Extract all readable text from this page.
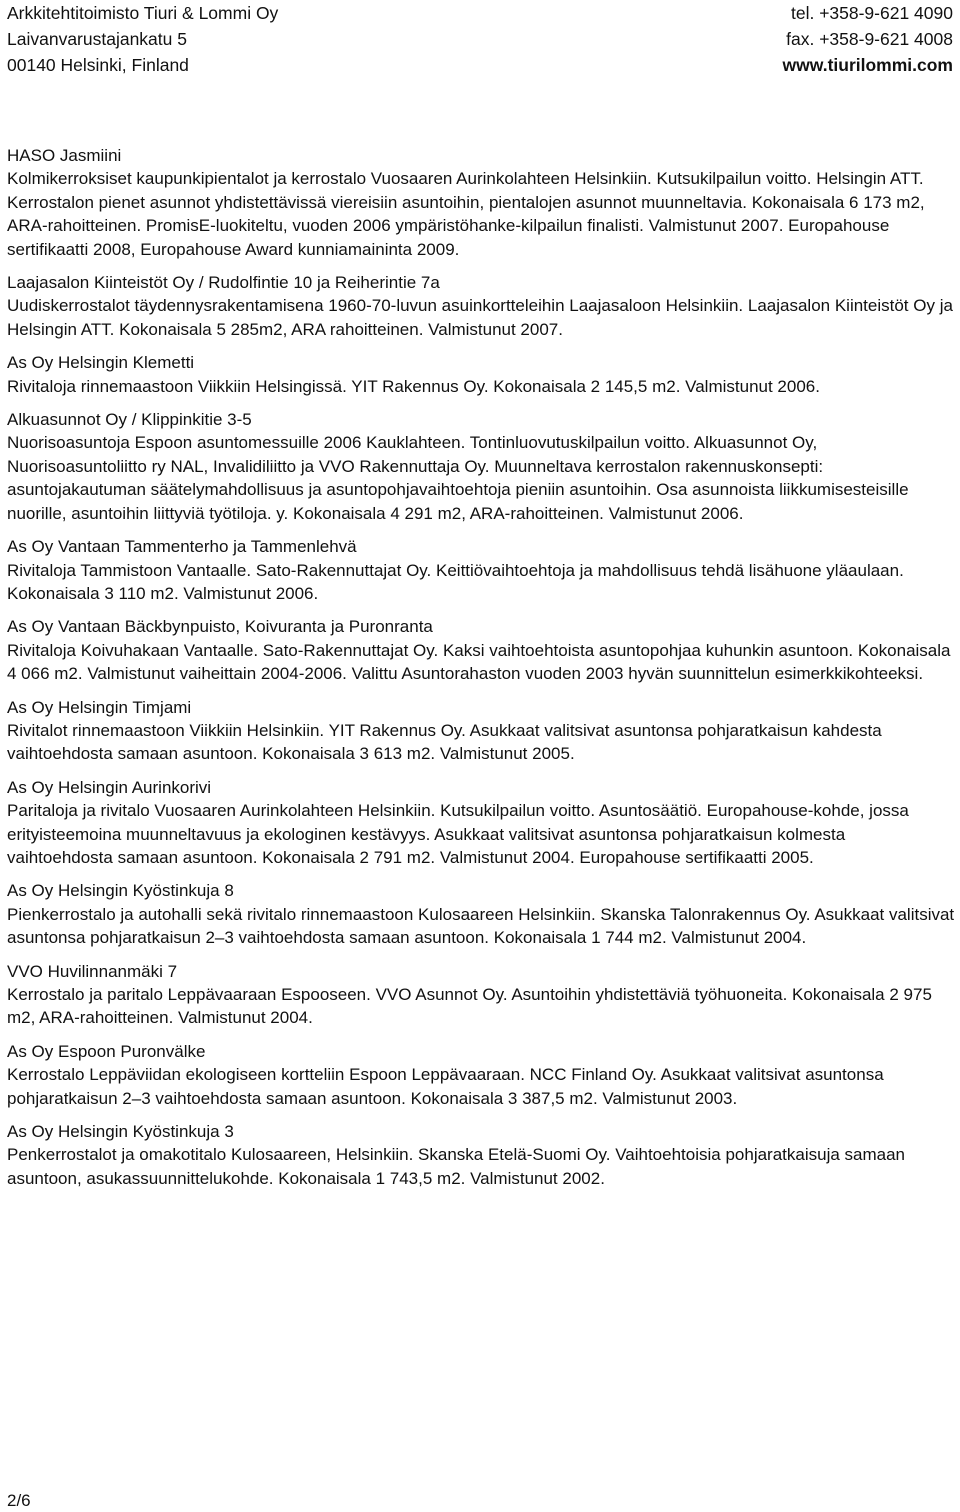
Arkkitehtitoimisto Tiuri & Lommi Oy	tel. +358-9-621 4090
Laivanvarustajankatu 5	fax. +358-9-621 4008
00140 Helsinki, Finland	www.tiurilommi.com
HASO Jasmiini
Kolmikerroksiset kaupunkipientalot ja kerrostalo Vuosaaren Aurinkolahteen Helsinkiin. Kutsukilpailun voitto. Helsingin ATT. Kerrostalon pienet asunnot yhdistettävissä viereisiin asuntoihin, pientalojen asunnot muunneltavia. Kokonaisala 6 173 m2, ARA-rahoitteinen. PromisE-luokiteltu, vuoden 2006 ympäristöhanke-kilpailun finalisti. Valmistunut 2007. Europahouse sertifikaatti 2008, Europahouse Award kunniamaininta 2009.
Laajasalon Kiinteistöt Oy / Rudolfintie 10 ja Reiherintie 7a
Uudiskerrostalot täydennysrakentamisena 1960-70-luvun asuinkortteleihin Laajasaloon Helsinkiin. Laajasalon Kiinteistöt Oy ja Helsingin ATT. Kokonaisala 5 285m2, ARA rahoitteinen. Valmistunut 2007.
As Oy Helsingin Klemetti
Rivitaloja rinnemaastoon Viikkiin Helsingissä. YIT Rakennus Oy. Kokonaisala 2 145,5 m2. Valmistunut 2006.
Alkuasunnot Oy / Klippinkitie 3-5
Nuorisoasuntoja Espoon asuntomessuille 2006 Kauklahteen. Tontinluovutuskilpailun voitto. Alkuasunnot Oy, Nuorisoasuntoliitto ry NAL, Invalidiliitto ja VVO Rakennuttaja Oy. Muunneltava kerrostalon rakennuskonsepti: asuntojakautuman säätelymahdollisuus ja asuntopohjavaihtoehtoja pieniin asuntoihin. Osa asunnoista liikkumisesteisille nuorille, asuntoihin liittyviä työtiloja. y. Kokonaisala 4 291 m2, ARA-rahoitteinen. Valmistunut 2006.
As Oy Vantaan Tammenterho ja Tammenlehvä
Rivitaloja Tammistoon Vantaalle. Sato-Rakennuttajat Oy. Keittiövaihtoehtoja ja mahdollisuus tehdä lisähuone yläaulaan. Kokonaisala 3 110 m2. Valmistunut 2006.
As Oy Vantaan Bäckbynpuisto, Koivuranta ja Puronranta
Rivitaloja Koivuhakaan Vantaalle. Sato-Rakennuttajat Oy. Kaksi vaihtoehtoista asuntopohjaa kuhunkin asuntoon. Kokonaisala 4 066 m2. Valmistunut vaiheittain 2004-2006. Valittu Asuntorahaston vuoden 2003 hyvän suunnittelun esimerkkikohteeksi.
As Oy Helsingin Timjami
Rivitalot rinnemaastoon Viikkiin Helsinkiin. YIT Rakennus Oy. Asukkaat valitsivat asuntonsa pohjaratkaisun kahdesta vaihtoehdosta samaan asuntoon. Kokonaisala 3 613 m2. Valmistunut 2005.
As Oy Helsingin Aurinkorivi
Paritaloja ja rivitalo Vuosaaren Aurinkolahteen Helsinkiin. Kutsukilpailun voitto. Asuntosäätiö. Europahouse-kohde, jossa erityisteemoina muunneltavuus ja ekologinen kestävyys. Asukkaat valitsivat asuntonsa pohjaratkaisun kolmesta vaihtoehdosta samaan asuntoon. Kokonaisala 2 791 m2. Valmistunut 2004. Europahouse sertifikaatti 2005.
As Oy Helsingin Kyöstinkuja 8
Pienkerrostalo ja autohalli sekä rivitalo rinnemaastoon Kulosaareen Helsinkiin. Skanska Talonrakennus Oy. Asukkaat valitsivat asuntonsa pohjaratkaisun 2–3 vaihtoehdosta samaan asuntoon. Kokonaisala 1 744 m2. Valmistunut 2004.
VVO Huvilinnanmäki 7
Kerrostalo ja paritalo Leppävaaraan Espooseen. VVO Asunnot Oy. Asuntoihin yhdistettäviä työhuoneita. Kokonaisala 2 975 m2, ARA-rahoitteinen. Valmistunut 2004.
As Oy Espoon Puronvälke
Kerrostalo Leppäviidan ekologiseen kortteliin Espoon Leppävaaraan. NCC Finland Oy. Asukkaat valitsivat asuntonsa pohjaratkaisun 2–3 vaihtoehdosta samaan asuntoon. Kokonaisala 3 387,5 m2. Valmistunut 2003.
As Oy Helsingin Kyöstinkuja 3
Penkerrostalot ja omakotitalo Kulosaareen, Helsinkiin. Skanska Etelä-Suomi Oy. Vaihtoehtoisia pohjaratkaisuja samaan asuntoon, asukassuunnittelukohde. Kokonaisala 1 743,5 m2. Valmistunut 2002.
2/6
